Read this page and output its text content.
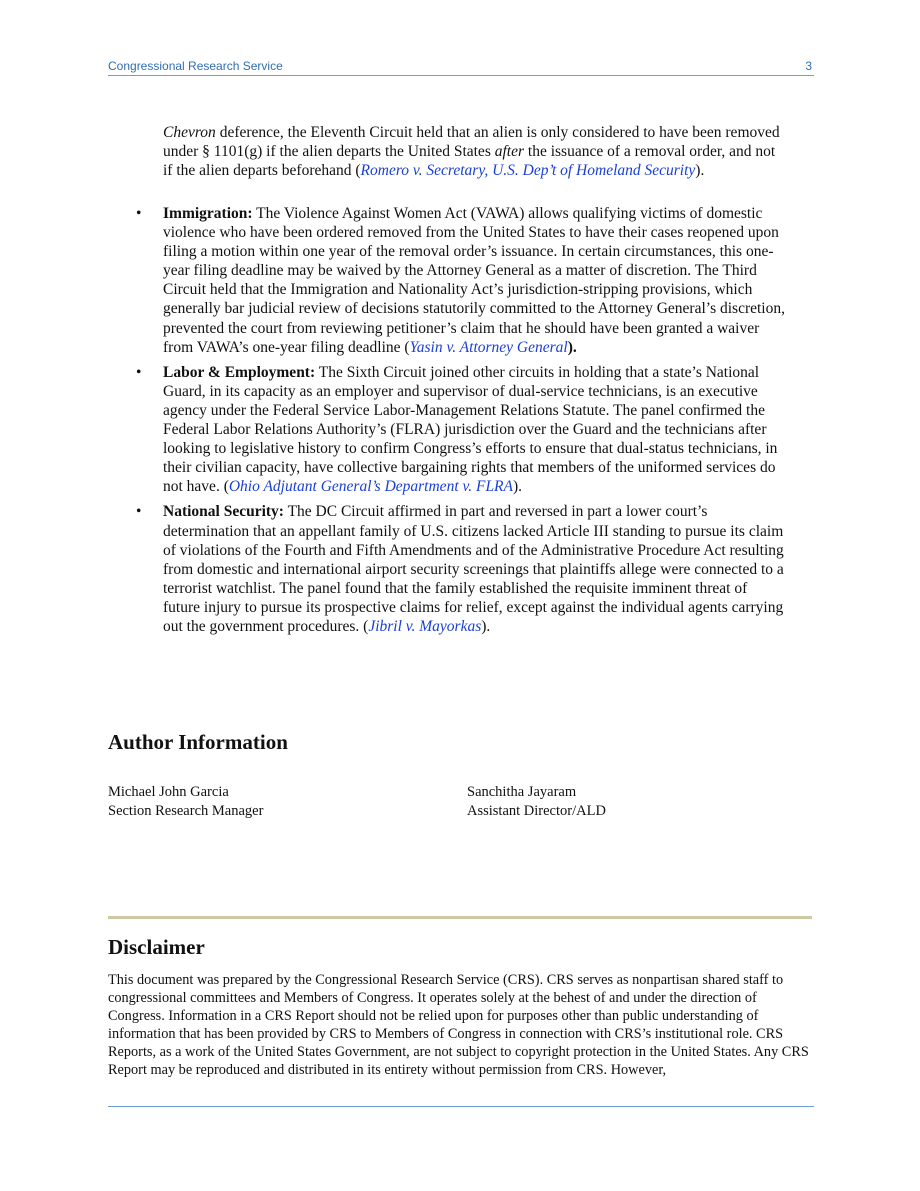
Congressional Research Service	3

Chevron deference, the Eleventh Circuit held that an alien is only considered to have been removed under § 1101(g) if the alien departs the United States after the issuance of a removal order, and not if the alien departs beforehand (Romero v. Secretary, U.S. Dep’t of Homeland Security).

• Immigration: The Violence Against Women Act (VAWA) allows qualifying victims of domestic violence who have been ordered removed from the United States to have their cases reopened upon filing a motion within one year of the removal order’s issuance. In certain circumstances, this one-year filing deadline may be waived by the Attorney General as a matter of discretion. The Third Circuit held that the Immigration and Nationality Act’s jurisdiction-stripping provisions, which generally bar judicial review of decisions statutorily committed to the Attorney General’s discretion, prevented the court from reviewing petitioner’s claim that he should have been granted a waiver from VAWA’s one-year filing deadline (Yasin v. Attorney General).
• Labor & Employment: The Sixth Circuit joined other circuits in holding that a state’s National Guard, in its capacity as an employer and supervisor of dual-service technicians, is an executive agency under the Federal Service Labor-Management Relations Statute. The panel confirmed the Federal Labor Relations Authority’s (FLRA) jurisdiction over the Guard and the technicians after looking to legislative history to confirm Congress’s efforts to ensure that dual-status technicians, in their civilian capacity, have collective bargaining rights that members of the uniformed services do not have. (Ohio Adjutant General’s Department v. FLRA).
• National Security: The DC Circuit affirmed in part and reversed in part a lower court’s determination that an appellant family of U.S. citizens lacked Article III standing to pursue its claim of violations of the Fourth and Fifth Amendments and of the Administrative Procedure Act resulting from domestic and international airport security screenings that plaintiffs allege were connected to a terrorist watchlist. The panel found that the family established the requisite imminent threat of future injury to pursue its prospective claims for relief, except against the individual agents carrying out the government procedures. (Jibril v. Mayorkas).
Author Information
Michael John Garcia
Section Research Manager
Sanchitha Jayaram
Assistant Director/ALD
Disclaimer

This document was prepared by the Congressional Research Service (CRS). CRS serves as nonpartisan shared staff to congressional committees and Members of Congress. It operates solely at the behest of and under the direction of Congress. Information in a CRS Report should not be relied upon for purposes other than public understanding of information that has been provided by CRS to Members of Congress in connection with CRS’s institutional role. CRS Reports, as a work of the United States Government, are not subject to copyright protection in the United States. Any CRS Report may be reproduced and distributed in its entirety without permission from CRS. However,
